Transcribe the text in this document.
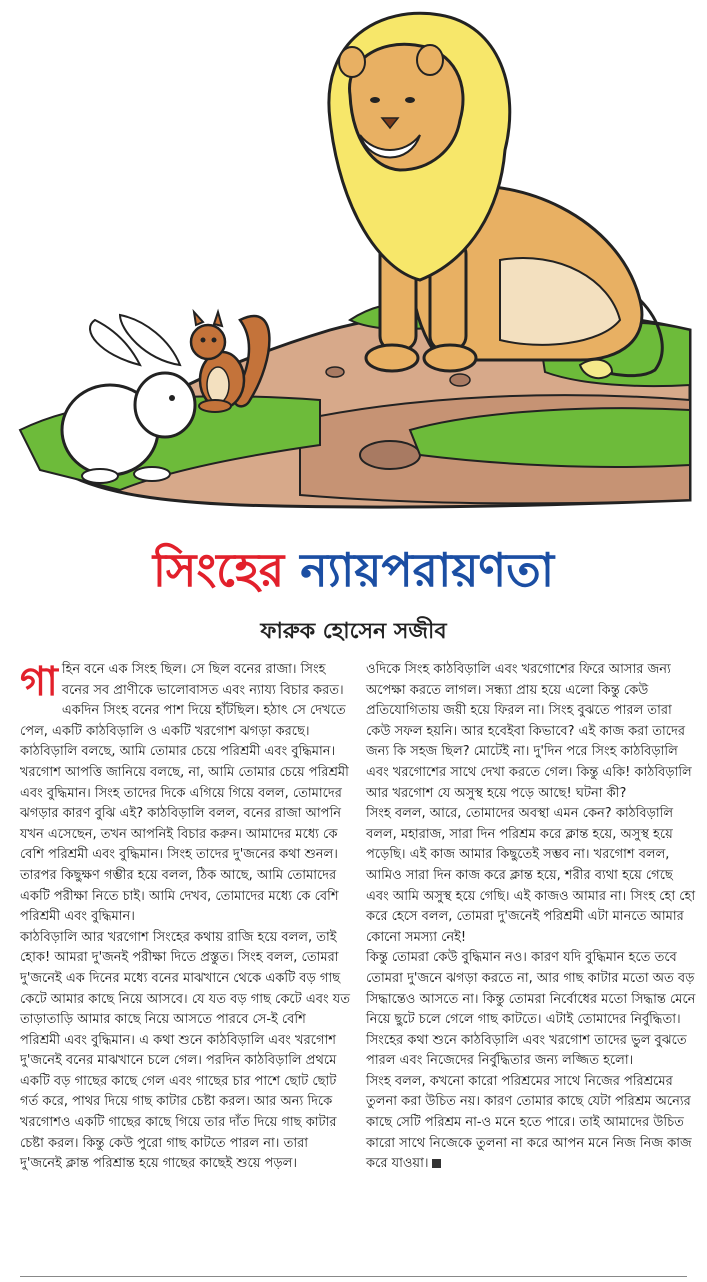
সিংহের ন্যায়পরায়ণতা
ফারুক হোসেন সজীব

গাহিন বনে এক সিংহ ছিল। সে ছিল বনের রাজা। সিংহ বনের সব প্রাণীকে ভালোবাসত এবং ন্যায্য বিচার করত। একদিন সিংহ বনের পাশ দিয়ে হাঁটছিল। হঠাৎ সে দেখতে পেল, একটি কাঠবিড়ালি ও একটি খরগোশ ঝগড়া করছে। কাঠবিড়ালি বলছে, আমি তোমার চেয়ে পরিশ্রমী এবং বুদ্ধিমান। খরগোশ আপত্তি জানিয়ে বলছে, না, আমি তোমার চেয়ে পরিশ্রমী এবং বুদ্ধিমান। সিংহ তাদের দিকে এগিয়ে গিয়ে বলল, তোমাদের ঝগড়ার কারণ বুঝি এই? কাঠবিড়ালি বলল, বনের রাজা আপনি যখন এসেছেন, তখন আপনিই বিচার করুন। আমাদের মধ্যে কে বেশি পরিশ্রমী এবং বুদ্ধিমান। সিংহ তাদের দু'জনের কথা শুনল। তারপর কিছুক্ষণ গম্ভীর হয়ে বলল, ঠিক আছে, আমি তোমাদের একটি পরীক্ষা নিতে চাই। আমি দেখব, তোমাদের মধ্যে কে বেশি পরিশ্রমী এবং বুদ্ধিমান।

কাঠবিড়ালি আর খরগোশ সিংহের কথায় রাজি হয়ে বলল, তাই হোক! আমরা দু'জনই পরীক্ষা দিতে প্রস্তুত। সিংহ বলল, তোমরা দু'জনেই এক দিনের মধ্যে বনের মাঝখানে থেকে একটি বড় গাছ কেটে আমার কাছে নিয়ে আসবে। যে যত বড় গাছ কেটে এবং যত তাড়াতাড়ি আমার কাছে নিয়ে আসতে পারবে সে-ই বেশি পরিশ্রমী এবং বুদ্ধিমান। এ কথা শুনে কাঠবিড়ালি এবং খরগোশ দু'জনেই বনের মাঝখানে চলে গেল। পরদিন কাঠবিড়ালি প্রথমে একটি বড় গাছের কাছে গেল এবং গাছের চার পাশে ছোট ছোট গর্ত করে, পাথর দিয়ে গাছ কাটার চেষ্টা করল। আর অন্য দিকে খরগোশও একটি গাছের কাছে গিয়ে তার দাঁত দিয়ে গাছ কাটার চেষ্টা করল। কিন্তু কেউ পুরো গাছ কাটতে পারল না। তারা দু'জনেই ক্লান্ত পরিশ্রান্ত হয়ে গাছের কাছেই শুয়ে পড়ল।

ওদিকে সিংহ কাঠবিড়ালি এবং খরগোশের ফিরে আসার জন্য অপেক্ষা করতে লাগল। সন্ধ্যা প্রায় হয়ে এলো কিন্তু কেউ প্রতিযোগিতায় জয়ী হয়ে ফিরল না। সিংহ বুঝতে পারল তারা কেউ সফল হয়নি। আর হবেইবা কিভাবে? এই কাজ করা তাদের জন্য কি সহজ ছিল? মোটেই না। দু'দিন পরে সিংহ কাঠবিড়ালি এবং খরগোশের সাথে দেখা করতে গেল। কিন্তু একি! কাঠবিড়ালি আর খরগোশ যে অসুস্থ হয়ে পড়ে আছে! ঘটনা কী?

সিংহ বলল, আরে, তোমাদের অবস্থা এমন কেন? কাঠবিড়ালি বলল, মহারাজ, সারা দিন পরিশ্রম করে ক্লান্ত হয়ে, অসুস্থ হয়ে পড়েছি। এই কাজ আমার কিছুতেই সম্ভব না। খরগোশ বলল, আমিও সারা দিন কাজ করে ক্লান্ত হয়ে, শরীর ব্যথা হয়ে গেছে এবং আমি অসুস্থ হয়ে গেছি। এই কাজও আমার না। সিংহ হো হো করে হেসে বলল, তোমরা দু'জনেই পরিশ্রমী এটা মানতে আমার কোনো সমস্যা নেই!

কিন্তু তোমরা কেউ বুদ্ধিমান নও। কারণ যদি বুদ্ধিমান হতে তবে তোমরা দু'জনে ঝগড়া করতে না, আর গাছ কাটার মতো অত বড় সিদ্ধান্তেও আসতে না। কিন্তু তোমরা নির্বোধের মতো সিদ্ধান্ত মেনে নিয়ে ছুটে চলে গেলে গাছ কাটতে। এটাই তোমাদের নির্বুদ্ধিতা। সিংহের কথা শুনে কাঠবিড়ালি এবং খরগোশ তাদের ভুল বুঝতে পারল এবং নিজেদের নির্বুদ্ধিতার জন্য লজ্জিত হলো।

সিংহ বলল, কখনো কারো পরিশ্রমের সাথে নিজের পরিশ্রমের তুলনা করা উচিত নয়। কারণ তোমার কাছে যেটা পরিশ্রম অন্যের কাছে সেটি পরিশ্রম না-ও মনে হতে পারে। তাই আমাদের উচিত কারো সাথে নিজেকে তুলনা না করে আপন মনে নিজ নিজ কাজ করে যাওয়া।
